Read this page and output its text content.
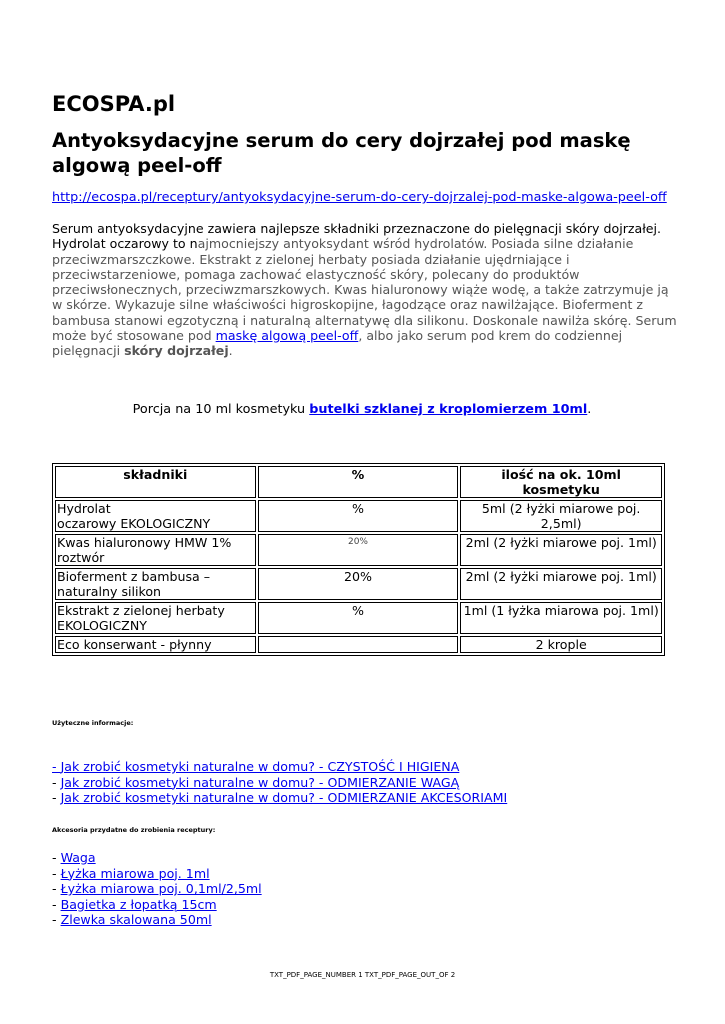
ECOSPA.pl
Antyoksydacyjne serum do cery dojrzałej pod maskę algową peel-off
http://ecospa.pl/receptury/antyoksydacyjne-serum-do-cery-dojrzalej-pod-maske-algowa-peel-off
Serum antyoksydacyjne zawiera najlepsze składniki przeznaczone do pielęgnacji skóry dojrzałej. Hydrolat oczarowy to najmocniejszy antyoksydant wśród hydrolatów. Posiada silne działanie przeciwzmarszczkowe. Ekstrakt z zielonej herbaty posiada działanie ujędrniające i przeciwstarzeniowe, pomaga zachować elastyczność skóry, polecany do produktów przeciwsłonecznych, przeciwzmarszkowych. Kwas hialuronowy wiąże wodę, a także zatrzymuje ją w skórze. Wykazuje silne właściwości higroskopijne, łagodzące oraz nawilżające. Bioferment z bambusa stanowi egzotyczną i naturalną alternatywę dla silikonu. Doskonale nawilża skórę. Serum może być stosowane pod maskę algową peel-off, albo jako serum pod krem do codziennej pielęgnacji skóry dojrzałej.
Porcja na 10 ml kosmetyku butelki szklanej z kroplomierzem 10ml.
składniki	%	ilość na ok. 10ml kosmetyku
Hydrolat
oczarowy EKOLOGICZNY	%	5ml (2 łyżki miarowe poj. 2,5ml)
Kwas hialuronowy HMW 1%
roztwór	20%	2ml (2 łyżki miarowe poj. 1ml)
Bioferment z bambusa –
naturalny silikon	20%	2ml (2 łyżki miarowe poj. 1ml)
Ekstrakt z zielonej herbaty
EKOLOGICZNY	%	1ml (1 łyżka miarowa poj. 1ml)
Eco konserwant - płynny		2 krople
Użyteczne informacje:
- Jak zrobić kosmetyki naturalne w domu? - CZYSTOŚĆ I HIGIENA
- Jak zrobić kosmetyki naturalne w domu? - ODMIERZANIE WAGĄ
- Jak zrobić kosmetyki naturalne w domu? - ODMIERZANIE AKCESORIAMI
Akcesoria przydatne do zrobienia receptury:
- Waga
- Łyżka miarowa poj. 1ml
- Łyżka miarowa poj. 0,1ml/2,5ml
- Bagietka z łopatką 15cm
- Zlewka skalowana 50ml
TXT_PDF_PAGE_NUMBER 1 TXT_PDF_PAGE_OUT_OF 2
